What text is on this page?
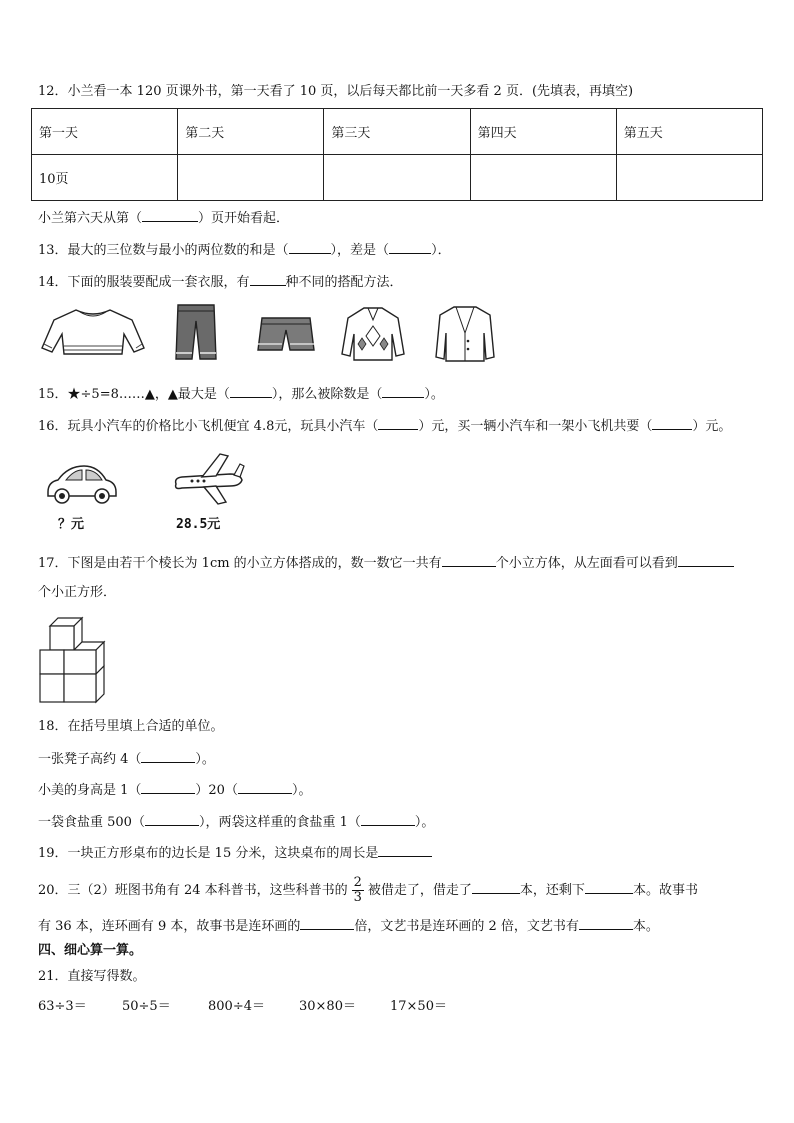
12．小兰看一本 120 页课外书，第一天看了 10 页，以后每天都比前一天多看 2 页．(先填表，再填空)
第一天	第二天	第三天	第四天	第五天
10页				
小兰第六天从第（	）页开始看起．
13．最大的三位数与最小的两位数的和是（	），差是（	）．
14．下面的服装要配成一套衣服，有	种不同的搭配方法．
15．★÷5=8……▲，▲最大是（	），那么被除数是（	）。
16．玩具小汽车的价格比小飞机便宜 4.8元，玩具小汽车（	）元，买一辆小汽车和一架小飞机共要（	）元。
？元	28.5元
17．下图是由若干个棱长为 1cm 的小立方体搭成的，数一数它一共有	个小立方体，从左面看可以看到
个小正方形．
18．在括号里填上合适的单位。
一张凳子高约 4（	）。
小美的身高是 1（	）20（	）。
一袋食盐重 500（	），两袋这样重的食盐重 1（	）。
19．一块正方形桌布的边长是 15 分米，这块桌布的周长是
20．三（2）班图书角有 24 本科普书，这些科普书的 $\frac{2}{3}$ 被借走了，借走了	本，还剩下	本。故事书
有 36 本，连环画有 9 本，故事书是连环画的	倍，文艺书是连环画的 2 倍，文艺书有	本。
四、细心算一算。
21．直接写得数。
63÷3＝	50÷5＝	800÷4＝	30×80＝	17×50＝
